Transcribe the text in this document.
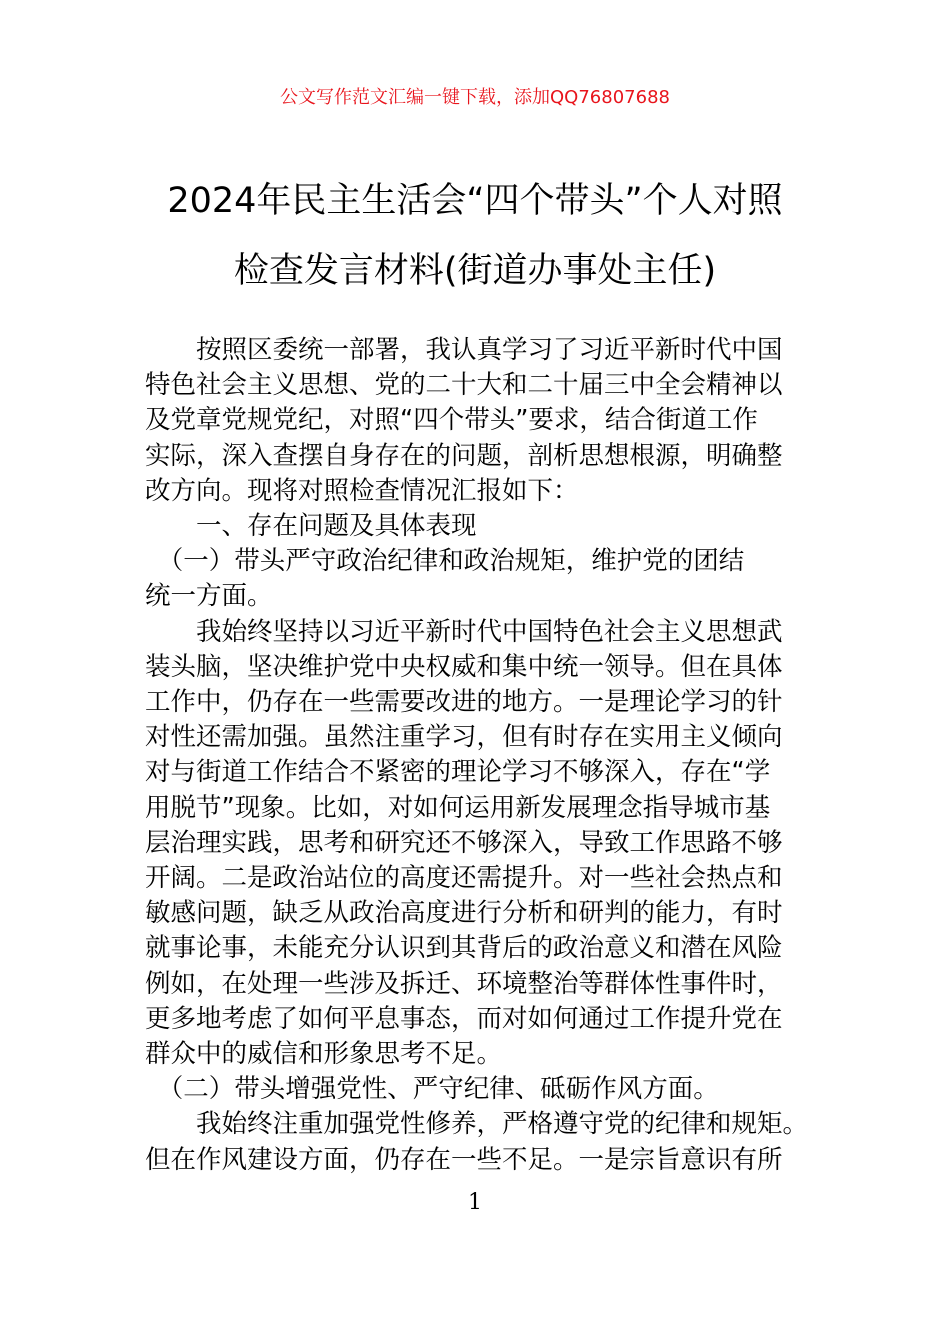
公文写作范文汇编一键下载，添加QQ76807688
2024年民主生活会“四个带头”个人对照
检查发言材料(街道办事处主任)

　　按照区委统一部署，我认真学习了习近平新时代中国
特色社会主义思想、党的二十大和二十届三中全会精神以
及党章党规党纪，对照“四个带头”要求，结合街道工作
实际，深入查摆自身存在的问题，剖析思想根源，明确整
改方向。现将对照检查情况汇报如下：

　　一、存在问题及具体表现

　（一）带头严守政治纪律和政治规矩，维护党的团结
统一方面。

　　我始终坚持以习近平新时代中国特色社会主义思想武
装头脑，坚决维护党中央权威和集中统一领导。但在具体
工作中，仍存在一些需要改进的地方。一是理论学习的针
对性还需加强。虽然注重学习，但有时存在实用主义倾向
对与街道工作结合不紧密的理论学习不够深入，存在“学
用脱节”现象。比如，对如何运用新发展理念指导城市基
层治理实践，思考和研究还不够深入，导致工作思路不够
开阔。二是政治站位的高度还需提升。对一些社会热点和
敏感问题，缺乏从政治高度进行分析和研判的能力，有时
就事论事，未能充分认识到其背后的政治意义和潜在风险
例如，在处理一些涉及拆迁、环境整治等群体性事件时，
更多地考虑了如何平息事态，而对如何通过工作提升党在
群众中的威信和形象思考不足。

　（二）带头增强党性、严守纪律、砥砺作风方面。

　　我始终注重加强党性修养，严格遵守党的纪律和规矩。
但在作风建设方面，仍存在一些不足。一是宗旨意识有所

1
